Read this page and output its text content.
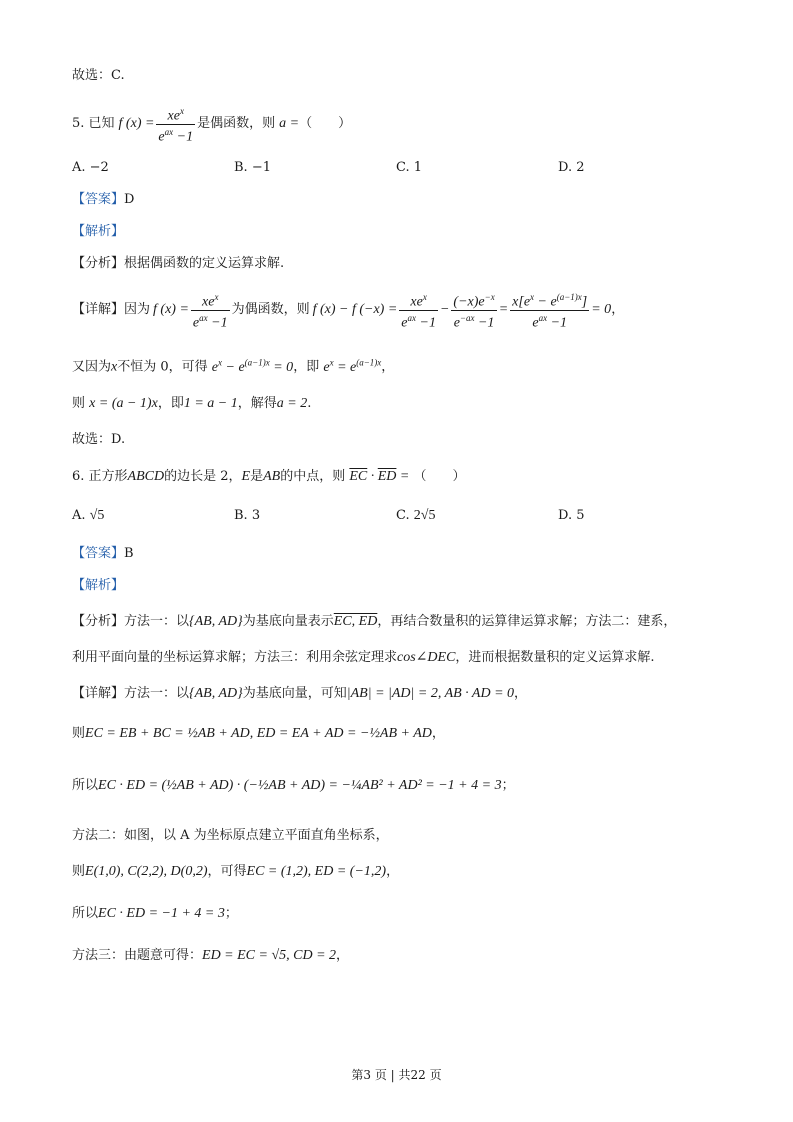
故选：C.
5. 已知 f $(x) = \frac{xe^x}{e^{ax} -1}$ 是偶函数，则 a = （　　）
A. −2	B. −1	C. 1	D. 2
【答案】D
【解析】
【分析】根据偶函数的定义运算求解.
【详解】 因为 f $(x) = \frac{xe^x}{e^{ax} -1}$ 为偶函数，则 f (x) − f $(-x) = \frac{xe^x}{e^{ax} -1} - \frac{(-x)e^{-x}}{e^{-ax} -1} = \frac{x[e^x - e^{(a-1)x}]}{e^{ax} -1} = 0$ ，
又因为x不恒为 0，可得 $e^x - e^{(a-1)x} = 0$，即 $e^x = e^{(a-1)x}$，
则 x = (a − 1)x，即1 = a − 1，解得a = 2.
故选：D.
6. 正方形ABCD的边长是 2，E是AB的中点，则 $\overline{EC} \cdot \overline{ED}$ = （　　）
A. √5	B. 3	C. 2√5	D. 5
【答案】B
【解析】
【分析】方法一：以{AB, AD}为基底向量表示EC, ED，再结合数量积的运算律运算求解；方法二：建系，
利用平面向量的坐标运算求解；方法三：利用余弦定理求cos∠DEC，进而根据数量积的定义运算求解.
【详解】方法一：以{AB, AD}为基底向量，可知|AB| = |AD| = 2, AB · AD = 0，
则EC = EB + BC = ½AB + AD, ED = EA + AD = −½AB + AD，
所以EC · ED = (½AB + AD) · (−½AB + AD) = −¼AB² + AD² = −1 + 4 = 3；
方法二：如图，以 A 为坐标原点建立平面直角坐标系，
则E(1,0), C(2,2), D(0,2)，可得EC = (1,2), ED = (−1,2)，
所以EC · ED = −1 + 4 = 3；
方法三：由题意可得：ED = EC = √5, CD = 2，
第3 页 | 共22 页
